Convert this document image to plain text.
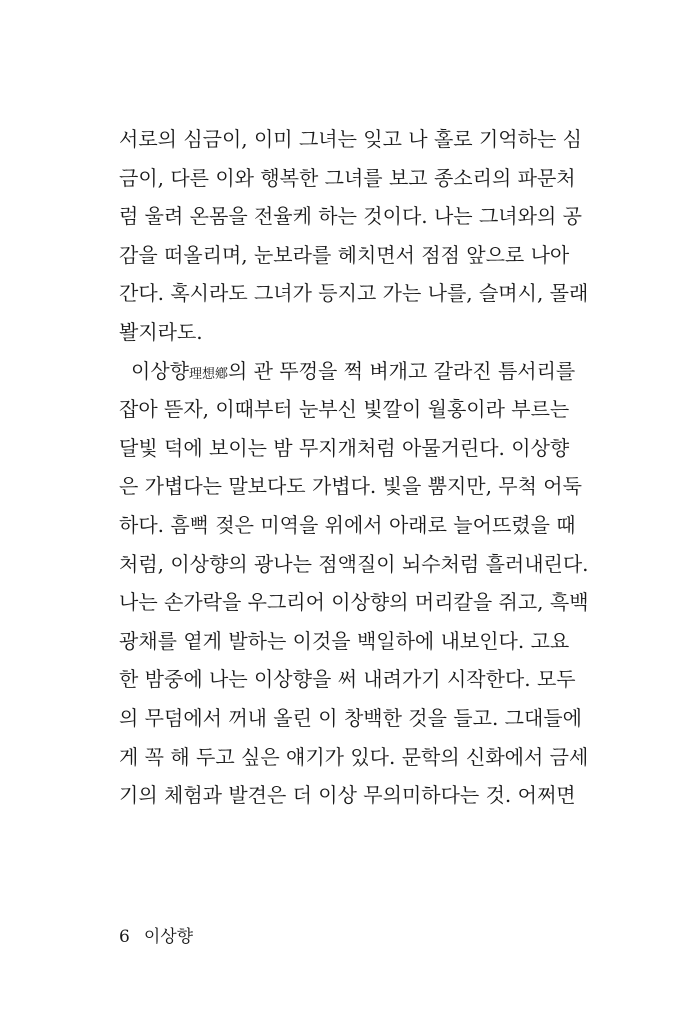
서로의 심금이, 이미 그녀는 잊고 나 홀로 기억하는 심
금이, 다른 이와 행복한 그녀를 보고 종소리의 파문처
럼 울려 온몸을 전율케 하는 것이다. 나는 그녀와의 공
감을 떠올리며, 눈보라를 헤치면서 점점 앞으로 나아
간다. 혹시라도 그녀가 등지고 가는 나를, 슬며시, 몰래
봘지라도.
이상향理想鄕의 관 뚜껑을 쩍 벼개고 갈라진 틈서리를
잡아 뜯자, 이때부터 눈부신 빛깔이 월홍이라 부르는
달빛 덕에 보이는 밤 무지개처럼 아물거린다. 이상향
은 가볍다는 말보다도 가볍다. 빛을 뿜지만, 무척 어둑
하다. 흠뻑 젖은 미역을 위에서 아래로 늘어뜨렸을 때
처럼, 이상향의 광나는 점액질이 뇌수처럼 흘러내린다.
나는 손가락을 우그리어 이상향의 머리칼을 쥐고, 흑백
광채를 옅게 발하는 이것을 백일하에 내보인다. 고요
한 밤중에 나는 이상향을 써 내려가기 시작한다. 모두
의 무덤에서 꺼내 올린 이 창백한 것을 들고. 그대들에
게 꼭 해 두고 싶은 얘기가 있다. 문학의 신화에서 금세
기의 체험과 발견은 더 이상 무의미하다는 것. 어쩌면
6 이상향
